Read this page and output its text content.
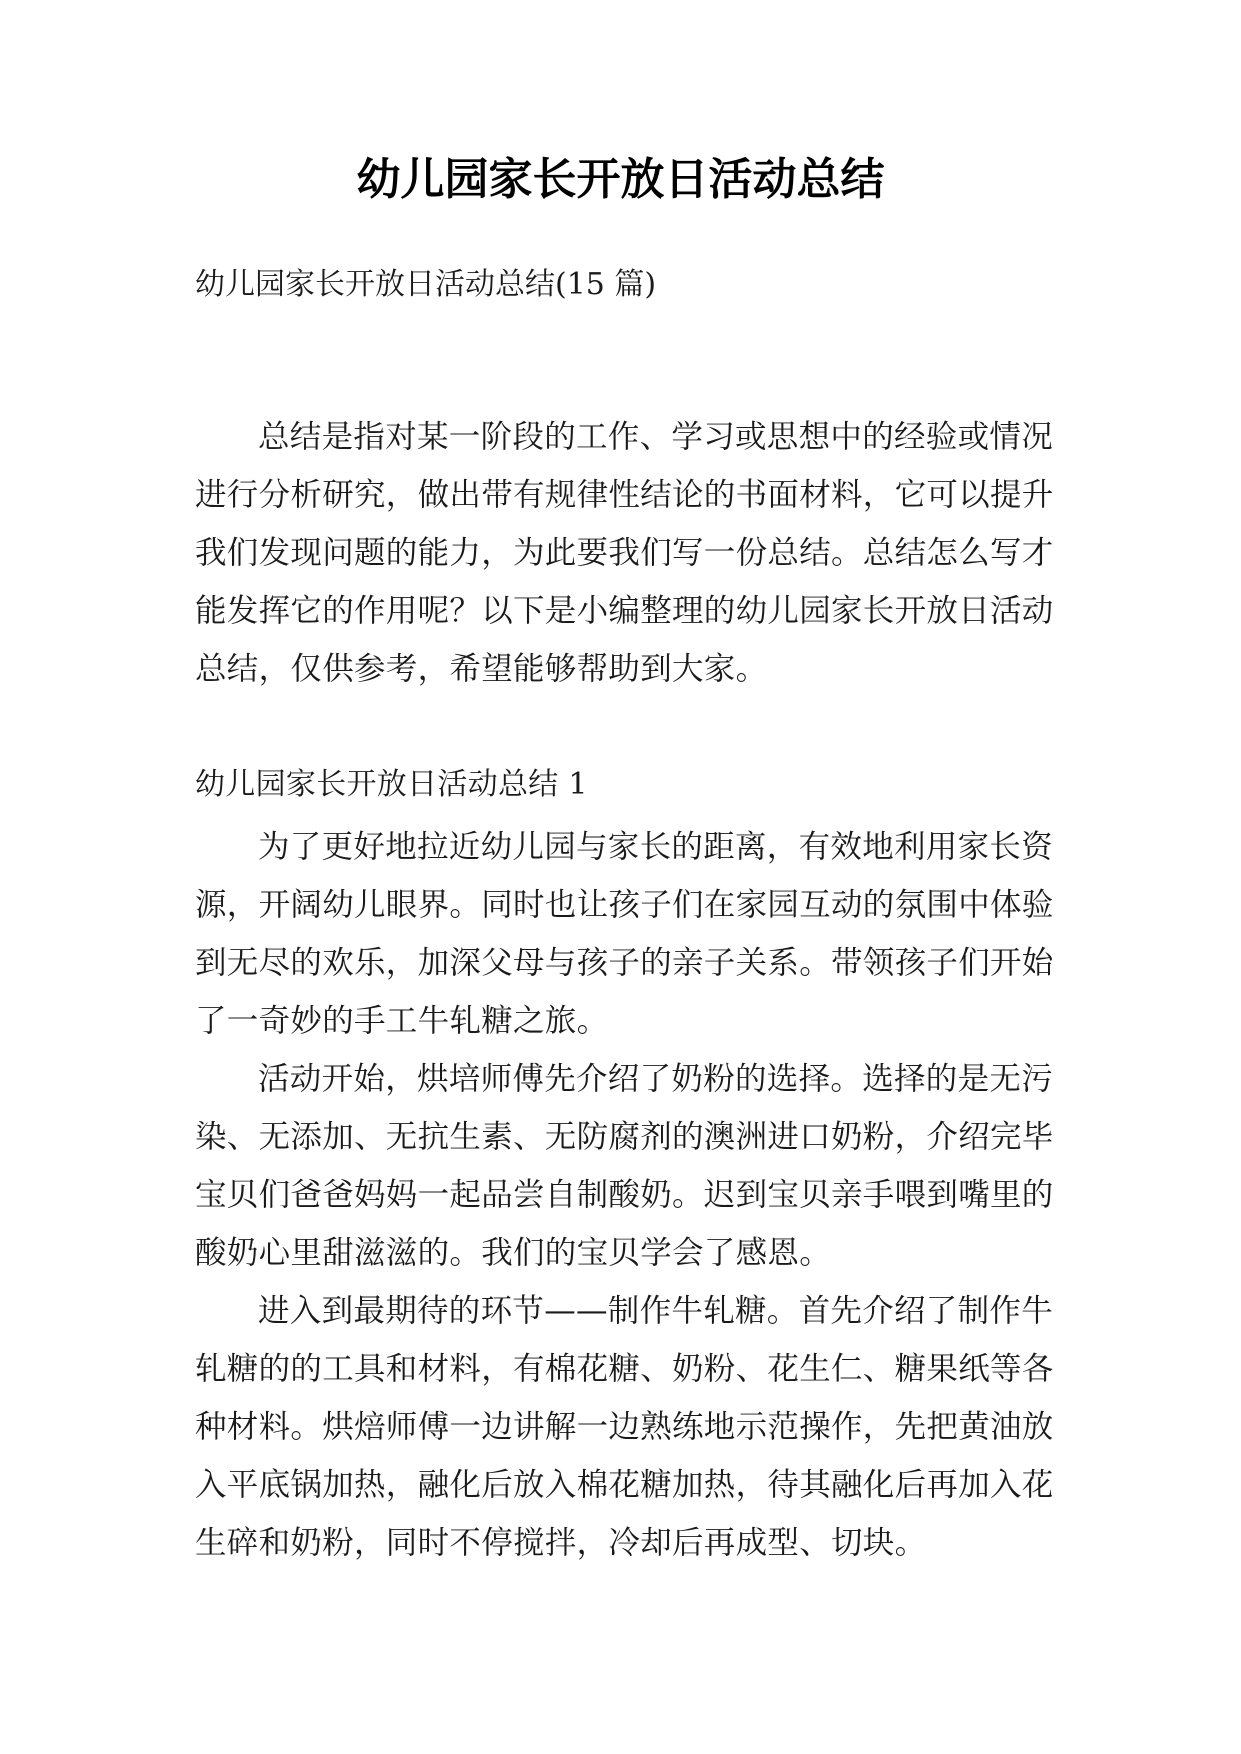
幼儿园家长开放日活动总结
幼儿园家长开放日活动总结(15 篇)

总结是指对某一阶段的工作、学习或思想中的经验或情况进行分析研究，做出带有规律性结论的书面材料，它可以提升我们发现问题的能力，为此要我们写一份总结。总结怎么写才能发挥它的作用呢？以下是小编整理的幼儿园家长开放日活动总结，仅供参考，希望能够帮助到大家。

幼儿园家长开放日活动总结 1

为了更好地拉近幼儿园与家长的距离，有效地利用家长资源，开阔幼儿眼界。同时也让孩子们在家园互动的氛围中体验到无尽的欢乐，加深父母与孩子的亲子关系。带领孩子们开始了一奇妙的手工牛轧糖之旅。

活动开始，烘培师傅先介绍了奶粉的选择。选择的是无污染、无添加、无抗生素、无防腐剂的澳洲进口奶粉，介绍完毕宝贝们爸爸妈妈一起品尝自制酸奶。迟到宝贝亲手喂到嘴里的酸奶心里甜滋滋的。我们的宝贝学会了感恩。

进入到最期待的环节——制作牛轧糖。首先介绍了制作牛轧糖的的工具和材料，有棉花糖、奶粉、花生仁、糖果纸等各种材料。烘焙师傅一边讲解一边熟练地示范操作，先把黄油放入平底锅加热，融化后放入棉花糖加热，待其融化后再加入花生碎和奶粉，同时不停搅拌，冷却后再成型、切块。
